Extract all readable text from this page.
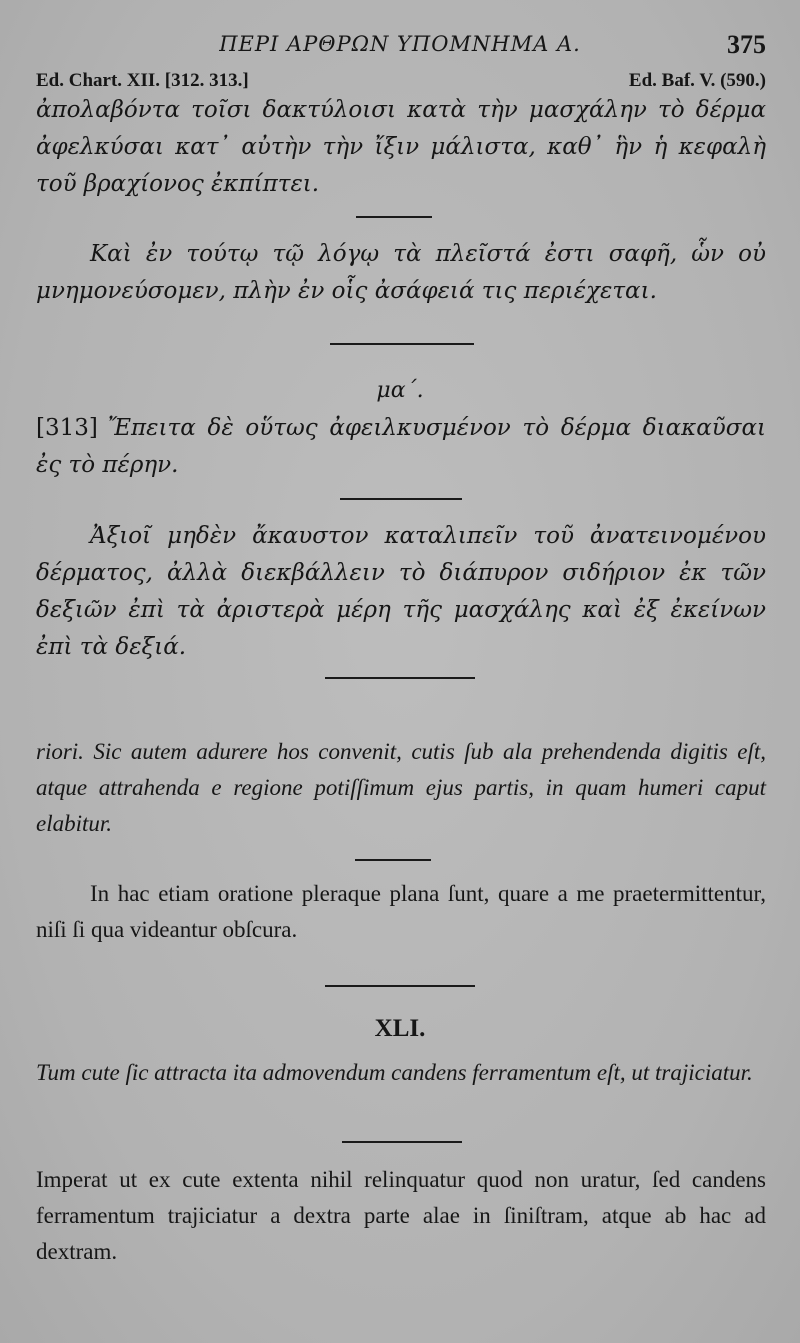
ΠΕΡΙ ΑΡΘΡΩΝ ΥΠΟΜΝΗΜΑ Α.	375
Ed. Chart. XII. [312. 313.]	Ed. Baf. V. (590.)

ἀπολαβόντα τοῖσι δακτύλοισι κατὰ τὴν μασχάλην τὸ δέρμα ἀφελκύσαι κατ᾽ αὐτὴν τὴν ἴξιν μάλιστα, καθ᾽ ἣν ἡ κεφαλὴ τοῦ βραχίονος ἐκπίπτει.

Καὶ ἐν τούτῳ τῷ λόγῳ τὰ πλεῖστά ἐστι σαφῆ, ὧν οὐ μνημονεύσομεν, πλὴν ἐν οἷς ἀσάφειά τις περιέχεται.

μα΄.

[313] Ἔπειτα δὲ οὕτως ἀφειλκυσμένον τὸ δέρμα διακαῦσαι ἐς τὸ πέρην.

Ἀξιοῖ μηδὲν ἄκαυστον καταλιπεῖν τοῦ ἀνατεινομένου δέρματος, ἀλλὰ διεκβάλλειν τὸ διάπυρον σιδήριον ἐκ τῶν δεξιῶν ἐπὶ τὰ ἀριστερὰ μέρη τῆς μασχάλης καὶ ἐξ ἐκείνων ἐπὶ τὰ δεξιά.

riori. Sic autem adurere hos convenit, cutis ſub ala prehendenda digitis eſt, atque attrahenda e regione potiſſimum ejus partis, in quam humeri caput elabitur.

In hac etiam oratione pleraque plana ſunt, quare a me praetermittentur, niſi ſi qua videantur obſcura.

XLI.

Tum cute ſic attracta ita admovendum candens ferramentum eſt, ut trajiciatur.

Imperat ut ex cute extenta nihil relinquatur quod non uratur, ſed candens ferramentum trajiciatur a dextra parte alae in ſiniſtram, atque ab hac ad dextram.
